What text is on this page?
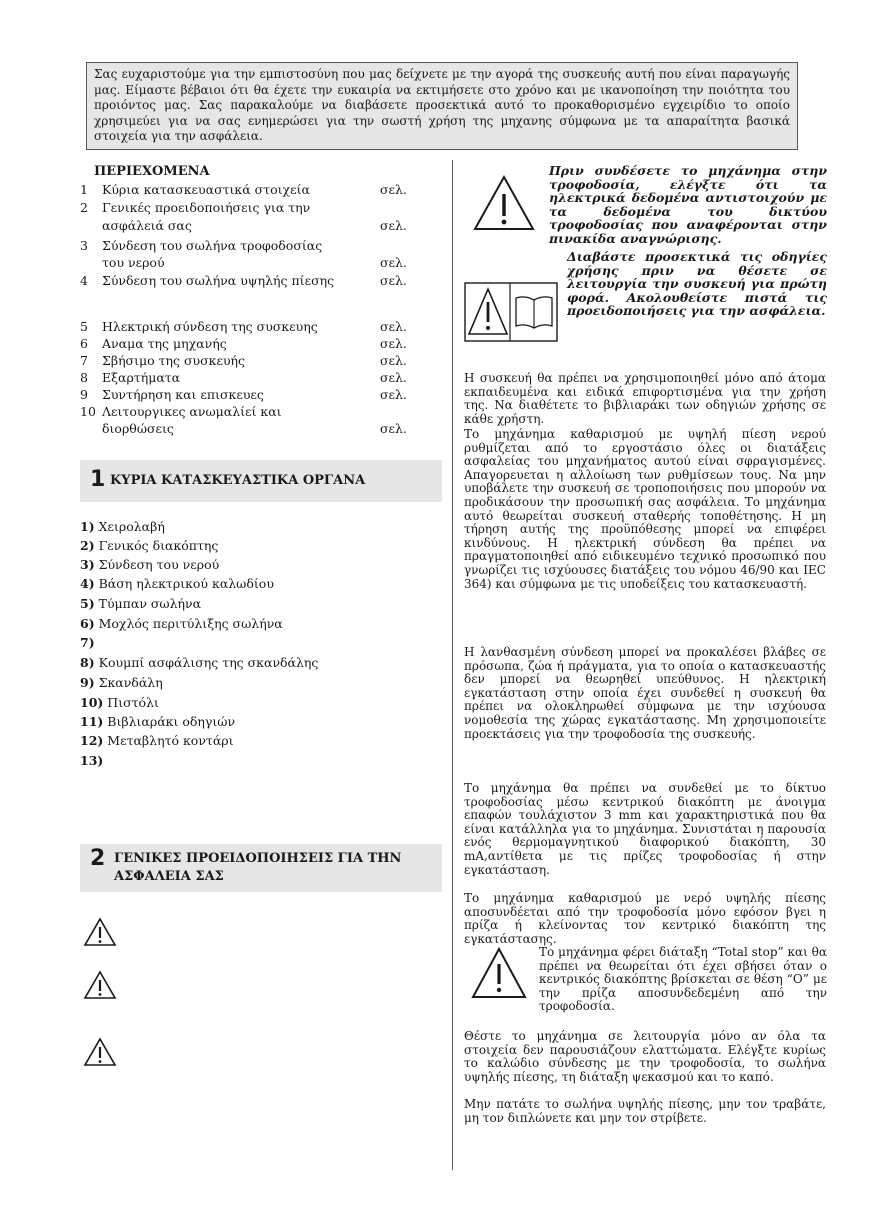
Σας ευχαριστούμε για την εμπιστοσύνη που μας δείχνετε με την αγορά της συσκευής αυτή που είναι παραγωγής μας. Είμαστε βέβαιοι ότι θα έχετε την ευκαιρία να εκτιμήσετε στο χρόνο και με ικανοποίηση την ποιότητα του προιόντος μας. Σας παρακαλούμε να διαβάσετε προσεκτικά αυτό το προκαθορισμένο εγχειρίδιο το οποίο χρησιμεύει για να σας ενημερώσει για την σωστή χρήση της μηχανης σύμφωνα με τα απαραίτητα βασικά στοιχεία για την ασφάλεια.
ΠΕΡΙΕΧΟΜΕΝΑ
1 Κύρια κατασκευαστικά στοιχεία	σελ.
2 Γενικές προειδοποιήσεις για την
ασφάλειά σας	σελ.
3 Σύνδεση του σωλήνα τροφοδοσίας
του νερού	σελ.
4 Σύνδεση του σωλήνα υψηλής πίεσης	σελ.
5 Ηλεκτρική σύνδεση της συσκευης	σελ.
6 Αναμα της μηχανής	σελ.
7 Σβήσιμο της συσκευής	σελ.
8 Εξαρτήματα	σελ.
9 Συντήρηση και επισκευες	σελ.
10 Λειτουργικες ανωμαλίεί και
διορθώσεις	σελ.
1 ΚΥΡΙΑ ΚΑΤΑΣΚΕΥΑΣΤΙΚΑ ΟΡΓΑΝΑ
1) Χειρολαβή
2) Γενικός διακόπτης
3) Σύνδεση του νερού
4) Βάση ηλεκτρικού καλωδίου
5) Τύμπαν σωλήνα
6) Μοχλός περιτύλιξης σωλήνα
7)
8) Κουμπί ασφάλισης της σκανδάλης
9) Σκανδάλη
10) Πιστόλι
11) Βιβλιαράκι οδηγιών
12) Μεταβλητό κοντάρι
13)
2 ΓΕΝΙΚΕΣ ΠΡΟΕΙΔΟΠΟΙΗΣΕΙΣ ΓΙΑ ΤΗΝ
ΑΣΦΑΛΕΙΑ ΣΑΣ
Πριν συνδέσετε το μηχάνημα στην τροφοδοσία, ελέγξτε ότι τα ηλεκτρικά δεδομένα αντιστοιχούν με τα δεδομένα του δικτύου τροφοδοσίας που αναφέρονται στην πινακίδα αναγνώρισης.
Διαβάστε προσεκτικά τις οδηγίες χρήσης πριν να θέσετε σε λειτουργία την συσκευή για πρώτη φορά. Ακολουθείστε πιστά τις προειδοποιήσεις για την ασφάλεια.
Η συσκευή θα πρέπει να χρησιμοποιηθεί μόνο από άτομα εκπαιδευμένα και ειδικά επιφορτισμένα για την χρήση της. Να διαθέτετε το βιβλιαράκι των οδηγιών χρήσης σε κάθε χρήστη.
Το μηχάνημα καθαρισμού με υψηλή πίεση νερού ρυθμίζεται από το εργοστάσιο όλες οι διατάξεις ασφαλείας του μηχανήματος αυτού είναι σφραγισμένες. Απαγορευεται η αλλοίωση των ρυθμίσεων τους. Να μην υποβάλετε την συσκευή σε τροποποιήσεις που μπορούν να προδικάσουν την προσωπική σας ασφάλεια. Το μηχάνημα αυτό θεωρείται συσκευή σταθερής τοποθέτησης. Η μη τήρηση αυτής της προϋπόθεσης μπορεί να επιφέρει κινδύνους. Η ηλεκτρική σύνδεση θα πρέπει να πραγματοποιηθεί από ειδικευμένο τεχνικό προσωπικό που γνωρίζει τις ισχύουσες διατάξεις του νόμου 46/90 και IEC 364) και σύμφωνα με τις υποδείξεις του κατασκευαστή.
Η λανθασμένη σύνδεση μπορεί να προκαλέσει βλάβες σε πρόσωπα, ζώα ή πράγματα, για το οποία ο κατασκευαστής δεν μπορεί να θεωρηθεί υπεύθυνος. Η ηλεκτρική εγκατάσταση στην οποία έχει συνδεθεί η συσκευή θα πρέπει να ολοκληρωθεί σύμφωνα με την ισχύουσα νομοθεσία της χώρας εγκατάστασης. Μη χρησιμοποιείτε προεκτάσεις για την τροφοδοσία της συσκευής.
Το μηχάνημα θα πρέπει να συνδεθεί με το δίκτυο τροφοδοσίας μέσω κεντρικού διακόπτη με άνοιγμα επαφών τουλάχιστον 3 mm και χαρακτηριστικά που θα είναι κατάλληλα για το μηχάνημα. Συνιστάται η παρουσία ενός θερμομαγνητικού διαφορικού διακόπτη, 30 mA,αντίθετα με τις πρίζες τροφοδοσίας ή στην εγκατάσταση.
Το μηχάνημα καθαρισμού με νερό υψηλής πίεσης αποσυνδέεται από την τροφοδοσία μόνο εφόσον βγει η πρίζα ή κλείνοντας τον κεντρικό διακόπτη της εγκατάστασης.
Το μηχάνημα φέρει διάταξη “Total stop” και θα πρέπει να θεωρείται ότι έχει σβήσει όταν ο κεντρικός διακόπτης βρίσκεται σε θέση “O” με την πρίζα αποσυνδεδεμένη από την τροφοδοσία.
Θέστε το μηχάνημα σε λειτουργία μόνο αν όλα τα στοιχεία δεν παρουσιάζουν ελαττώματα. Ελέγξτε κυρίως το καλώδιο σύνδεσης με την τροφοδοσία, το σωλήνα υψηλής πίεσης, τη διάταξη ψεκασμού και το καπό.
Μην πατάτε το σωλήνα υψηλής πίεσης, μην τον τραβάτε, μη τον διπλώνετε και μην τον στρίβετε.
